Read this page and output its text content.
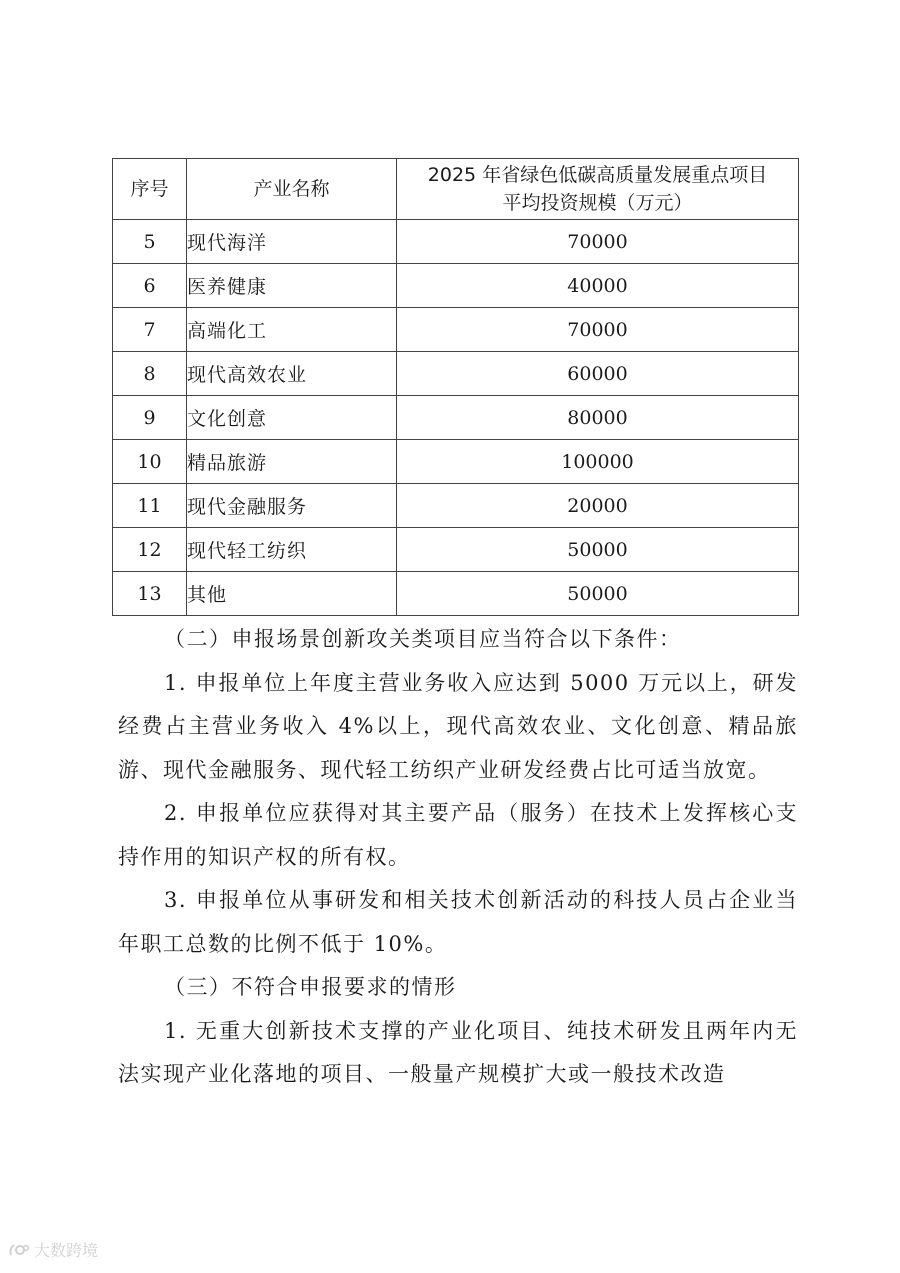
序号	产业名称	2025 年省绿色低碳高质量发展重点项目
平均投资规模（万元）

5	现代海洋	70000
6	医养健康	40000
7	高端化工	70000
8	现代高效农业	60000
9	文化创意	80000
10	精品旅游	100000
11	现代金融服务	20000
12	现代轻工纺织	50000
13	其他	50000

（二）申报场景创新攻关类项目应当符合以下条件：

1. 申报单位上年度主营业务收入应达到 5000 万元以上，研发经费占主营业务收入 4%以上，现代高效农业、文化创意、精品旅游、现代金融服务、现代轻工纺织产业研发经费占比可适当放宽。

2. 申报单位应获得对其主要产品（服务）在技术上发挥核心支持作用的知识产权的所有权。

3. 申报单位从事研发和相关技术创新活动的科技人员占企业当年职工总数的比例不低于 10%。

（三）不符合申报要求的情形

1. 无重大创新技术支撑的产业化项目、纯技术研发且两年内无法实现产业化落地的项目、一般量产规模扩大或一般技术改造

大数跨境
